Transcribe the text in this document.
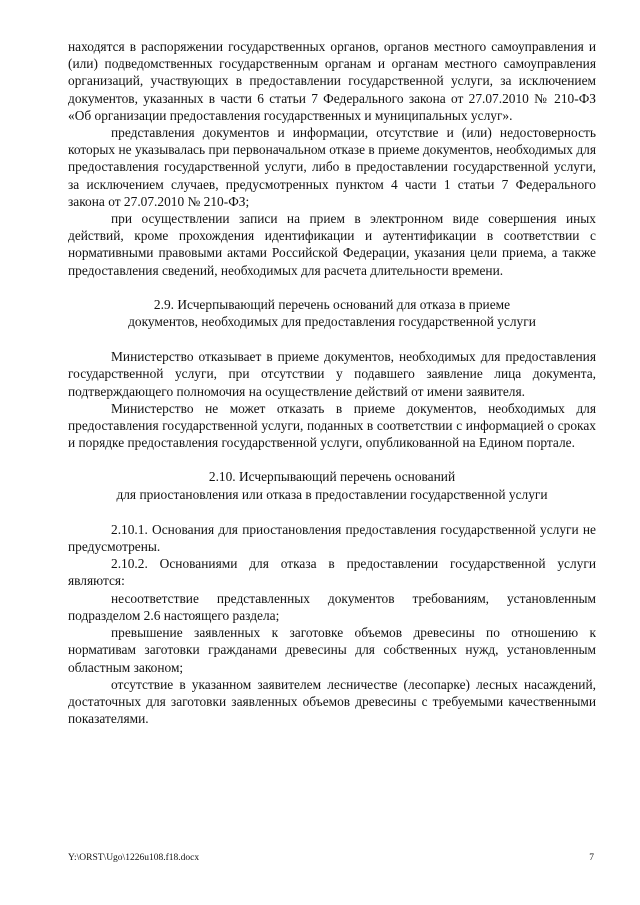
находятся в распоряжении государственных органов, органов местного самоуправления и (или) подведомственных государственным органам и органам местного самоуправления организаций, участвующих в предоставлении государственной услуги, за исключением документов, указанных в части 6 статьи 7 Федерального закона от 27.07.2010 № 210-ФЗ «Об организации предоставления государственных и муниципальных услуг».

представления документов и информации, отсутствие и (или) недостоверность которых не указывалась при первоначальном отказе в приеме документов, необходимых для предоставления государственной услуги, либо в предоставлении государственной услуги, за исключением случаев, предусмотренных пунктом 4 части 1 статьи 7 Федерального закона от 27.07.2010 № 210-ФЗ;

при осуществлении записи на прием в электронном виде совершения иных действий, кроме прохождения идентификации и аутентификации в соответствии с нормативными правовыми актами Российской Федерации, указания цели приема, а также предоставления сведений, необходимых для расчета длительности времени.

2.9. Исчерпывающий перечень оснований для отказа в приеме
документов, необходимых для предоставления государственной услуги

Министерство отказывает в приеме документов, необходимых для предоставления государственной услуги, при отсутствии у подавшего заявление лица документа, подтверждающего полномочия на осуществление действий от имени заявителя.

Министерство не может отказать в приеме документов, необходимых для предоставления государственной услуги, поданных в соответствии с информацией о сроках и порядке предоставления государственной услуги, опубликованной на Едином портале.

2.10. Исчерпывающий перечень оснований
для приостановления или отказа в предоставлении государственной услуги

2.10.1. Основания для приостановления предоставления государственной услуги не предусмотрены.

2.10.2. Основаниями для отказа в предоставлении государственной услуги являются:

несоответствие представленных документов требованиям, установленным подразделом 2.6 настоящего раздела;

превышение заявленных к заготовке объемов древесины по отношению к нормативам заготовки гражданами древесины для собственных нужд, установленным областным законом;

отсутствие в указанном заявителем лесничестве (лесопарке) лесных насаждений, достаточных для заготовки заявленных объемов древесины с требуемыми качественными показателями.

Y:\ORST\Ugo\1226u108.f18.docx	7
